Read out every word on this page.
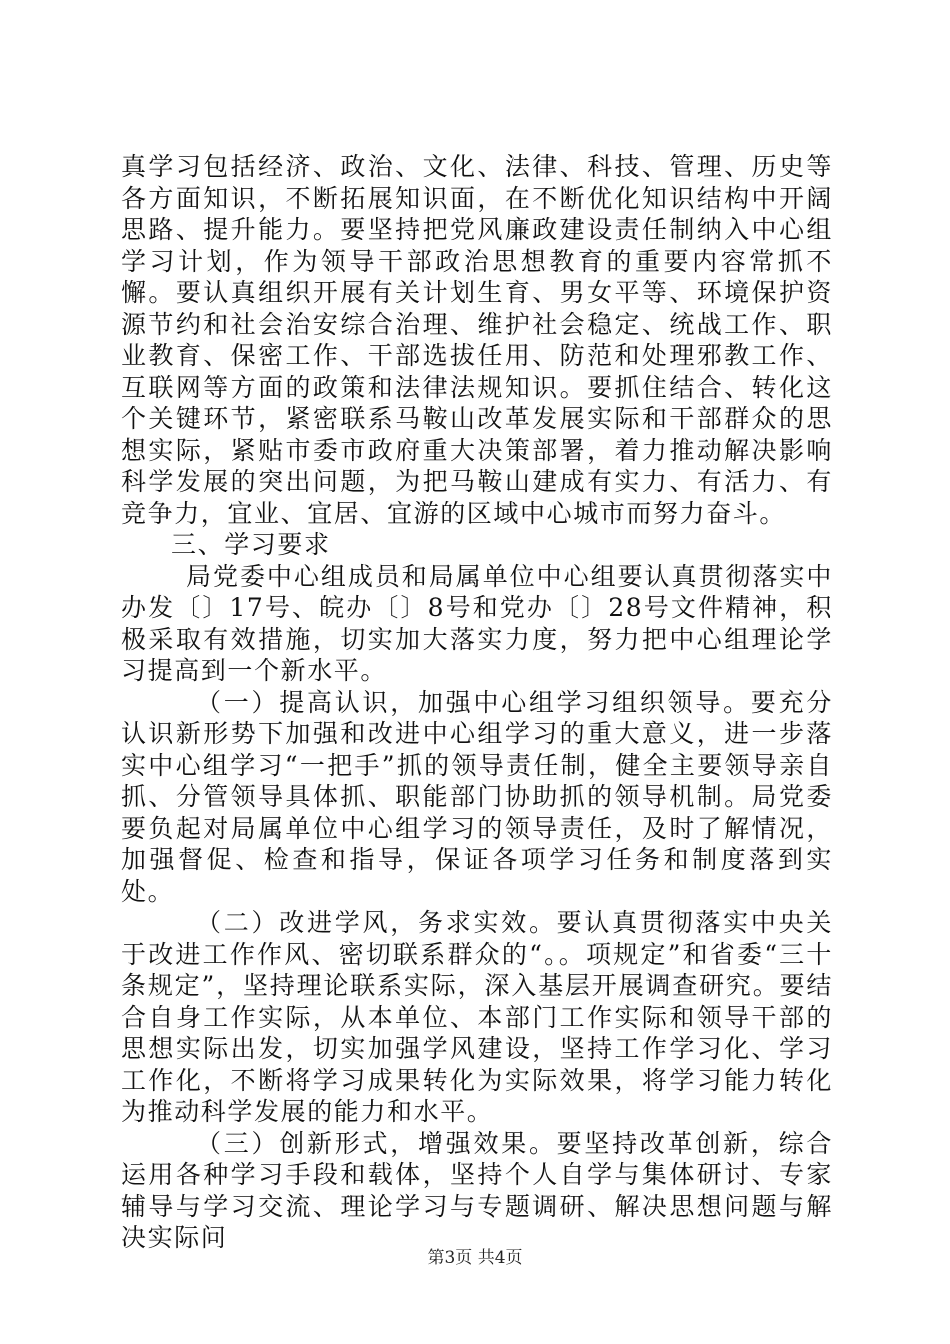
真学习包括经济、政治、文化、法律、科技、管理、历史等各方面知识，不断拓展知识面，在不断优化知识结构中开阔思路、提升能力。要坚持把党风廉政建设责任制纳入中心组学习计划，作为领导干部政治思想教育的重要内容常抓不懈。要认真组织开展有关计划生育、男女平等、环境保护资源节约和社会治安综合治理、维护社会稳定、统战工作、职业教育、保密工作、干部选拔任用、防范和处理邪教工作、互联网等方面的政策和法律法规知识。要抓住结合、转化这个关键环节，紧密联系马鞍山改革发展实际和干部群众的思想实际，紧贴市委市政府重大决策部署，着力推动解决影响科学发展的突出问题，为把马鞍山建成有实力、有活力、有竞争力，宜业、宜居、宜游的区域中心城市而努力奋斗。

三、学习要求

局党委中心组成员和局属单位中心组要认真贯彻落实中办发〔〕17号、皖办〔〕8号和党办〔〕28号文件精神，积极采取有效措施，切实加大落实力度，努力把中心组理论学习提高到一个新水平。

（一）提高认识，加强中心组学习组织领导。要充分认识新形势下加强和改进中心组学习的重大意义，进一步落实中心组学习“一把手”抓的领导责任制，健全主要领导亲自抓、分管领导具体抓、职能部门协助抓的领导机制。局党委要负起对局属单位中心组学习的领导责任，及时了解情况，加强督促、检查和指导，保证各项学习任务和制度落到实处。

（二）改进学风，务求实效。要认真贯彻落实中央关于改进工作作风、密切联系群众的“。。项规定”和省委“三十条规定”，坚持理论联系实际，深入基层开展调查研究。要结合自身工作实际，从本单位、本部门工作实际和领导干部的思想实际出发，切实加强学风建设，坚持工作学习化、学习工作化，不断将学习成果转化为实际效果，将学习能力转化为推动科学发展的能力和水平。

（三）创新形式，增强效果。要坚持改革创新，综合运用各种学习手段和载体，坚持个人自学与集体研讨、专家辅导与学习交流、理论学习与专题调研、解决思想问题与解决实际问

第3页 共4页
